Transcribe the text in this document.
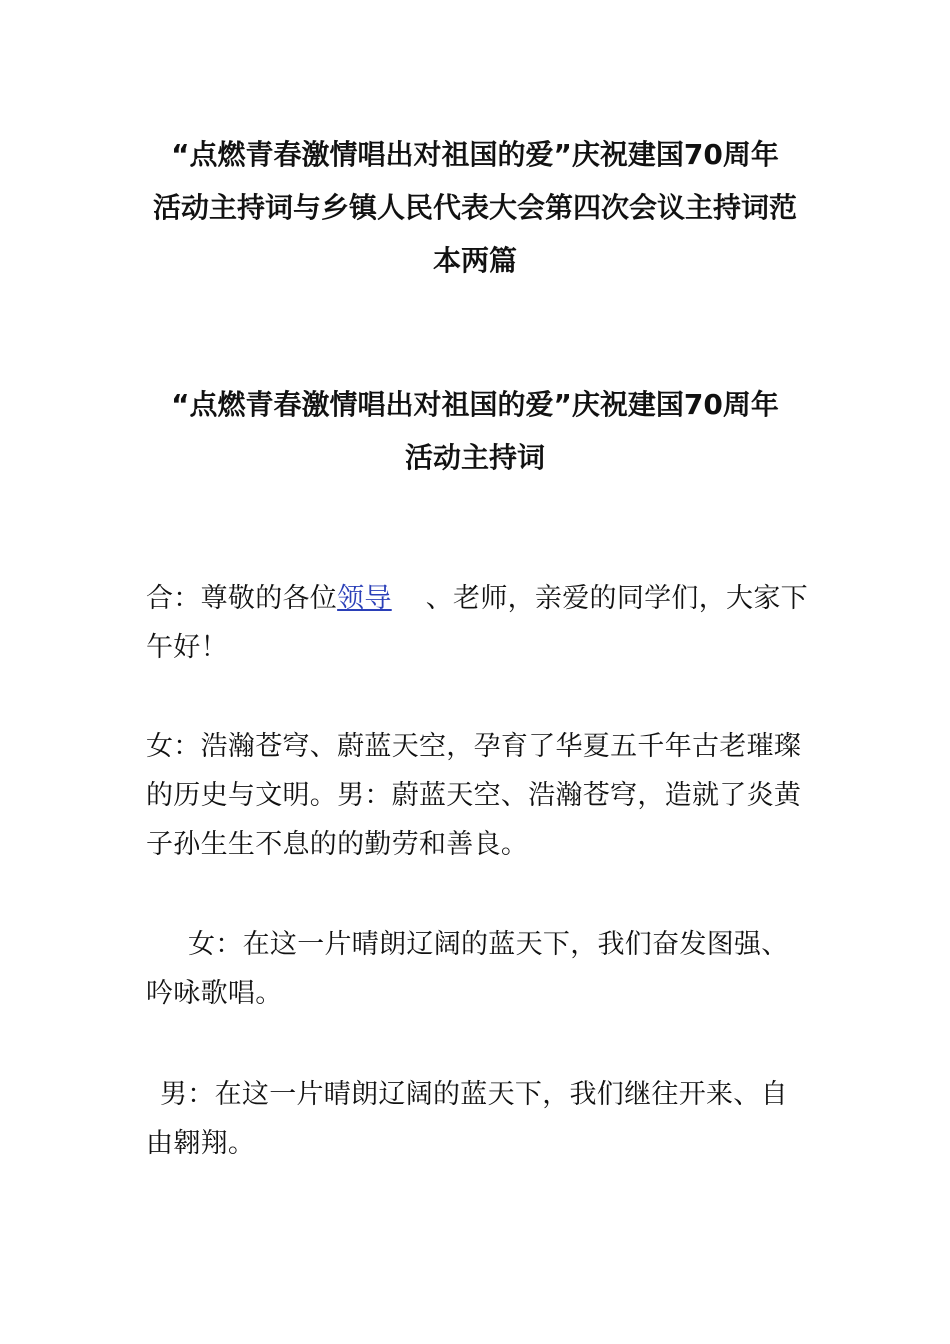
“点燃青春激情唱出对祖国的爱”庆祝建国70周年
活动主持词与乡镇人民代表大会第四次会议主持词范
本两篇
“点燃青春激情唱出对祖国的爱”庆祝建国70周年
活动主持词

合：尊敬的各位领导 、老师，亲爱的同学们，大家下午好！

女：浩瀚苍穹、蔚蓝天空，孕育了华夏五千年古老璀璨的历史与文明。男：蔚蓝天空、浩瀚苍穹，造就了炎黄子孙生生不息的的勤劳和善良。

女：在这一片晴朗辽阔的蓝天下，我们奋发图强、吟咏歌唱。

男：在这一片晴朗辽阔的蓝天下，我们继往开来、自由翱翔。
